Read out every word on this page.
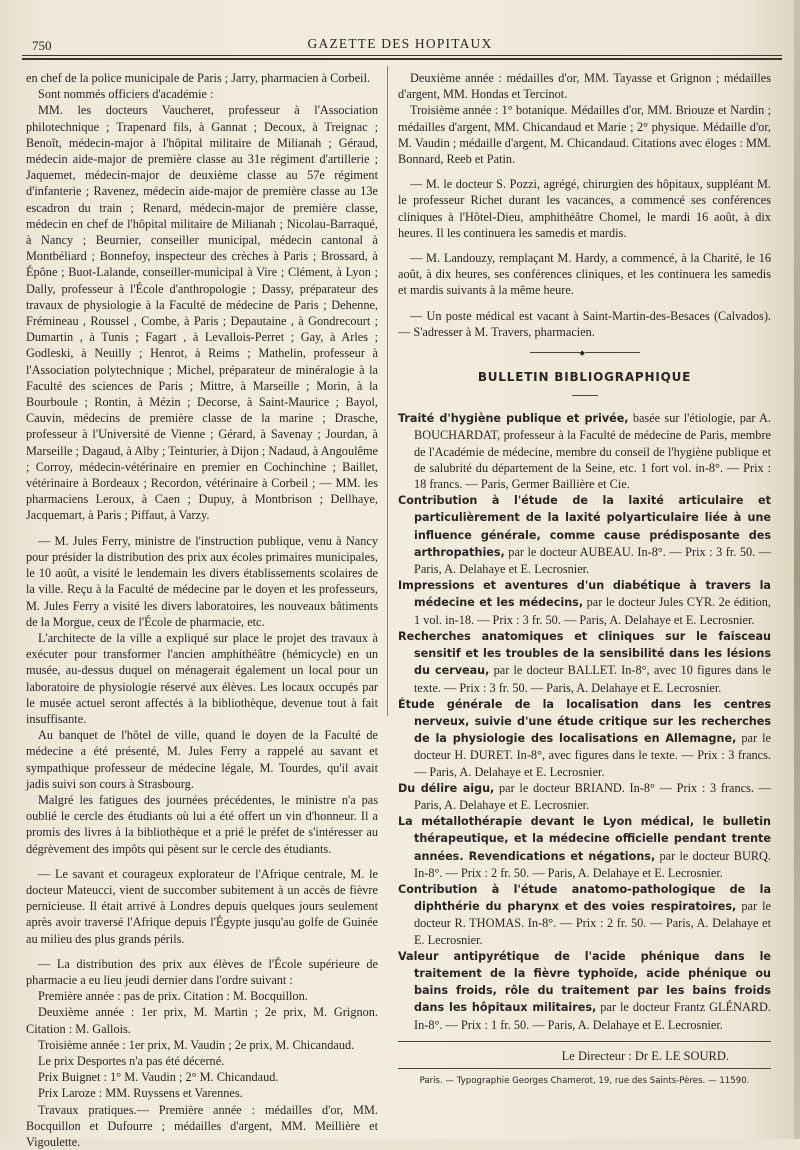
750	GAZETTE DES HOPITAUX

en chef de la police municipale de Paris ; Jarry, pharmacien à Corbeil.

Sont nommés officiers d'académie :

MM. les docteurs Vaucheret, professeur à l'Association philotechnique ; Trapenard fils, à Gannat ; Decoux, à Treignac ; Benoît, médecin-major à l'hôpital militaire de Milianah ; Géraud, médecin aide-major de première classe au 31e régiment d'artillerie ; Jaquemet, médecin-major de deuxième classe au 57e régiment d'infanterie ; Ravenez, médecin aide-major de première classe au 13e escadron du train ; Renard, médecin-major de première classe, médecin en chef de l'hôpital militaire de Milianah ; Nicolau-Barraqué, à Nancy ; Beurnier, conseiller municipal, médecin cantonal à Montbéliard ; Bonnefoy, inspecteur des crèches à Paris ; Brossard, à Épône ; Buot-Lalande, conseiller-municipal à Vire ; Clément, à Lyon ; Dally, professeur à l'École d'anthropologie ; Dassy, préparateur des travaux de physiologie à la Faculté de médecine de Paris ; Dehenne, Frémineau , Roussel , Combe, à Paris ; Depautaine , à Gondrecourt ; Dumartin , à Tunis ; Fagart , à Levallois-Perret ; Gay, à Arles ; Godleski, à Neuilly ; Henrot, à Reims ; Mathelin, professeur à l'Association polytechnique ; Michel, préparateur de minéralogie à la Faculté des sciences de Paris ; Mittre, à Marseille ; Morin, à la Bourboule ; Rontin, à Mézin ; Decorse, à Saint-Maurice ; Bayol, Cauvin, médecins de première classe de la marine ; Drasche, professeur à l'Université de Vienne ; Gérard, à Savenay ; Jourdan, à Marseille ; Dagaud, à Alby ; Teinturier, à Dijon ; Nadaud, à Angoulême ; Corroy, médecin-vétérinaire en premier en Cochinchine ; Baillet, vétérinaire à Bordeaux ; Recordon, vétérinaire à Corbeil ; — MM. les pharmaciens Leroux, à Caen ; Dupuy, à Montbrison ; Dellhaye, Jacquemart, à Paris ; Piffaut, à Varzy.

— M. Jules Ferry, ministre de l'instruction publique, venu à Nancy pour présider la distribution des prix aux écoles primaires municipales, le 10 août, a visité le lendemain les divers établissements scolaires de la ville. Reçu à la Faculté de médecine par le doyen et les professeurs, M. Jules Ferry a visité les divers laboratoires, les nouveaux bâtiments de la Morgue, ceux de l'École de pharmacie, etc.

L'architecte de la ville a expliqué sur place le projet des travaux à exécuter pour transformer l'ancien amphithéâtre (hémicycle) en un musée, au-dessus duquel on ménagerait également un local pour un laboratoire de physiologie réservé aux élèves. Les locaux occupés par le musée actuel seront affectés à la bibliothèque, devenue tout à fait insuffisante.

Au banquet de l'hôtel de ville, quand le doyen de la Faculté de médecine a été présenté, M. Jules Ferry a rappelé au savant et sympathique professeur de médecine légale, M. Tourdes, qu'il avait jadis suivi son cours à Strasbourg.

Malgré les fatigues des journées précédentes, le ministre n'a pas oublié le cercle des étudiants où lui a été offert un vin d'honneur. Il a promis des livres à la bibliothèque et a prié le préfet de s'intéresser au dégrèvement des impôts qui pèsent sur le cercle des étudiants.

— Le savant et courageux explorateur de l'Afrique centrale, M. le docteur Mateucci, vient de succomber subitement à un accès de fièvre pernicieuse. Il était arrivé à Londres depuis quelques jours seulement après avoir traversé l'Afrique depuis l'Égypte jusqu'au golfe de Guinée au milieu des plus grands périls.

— La distribution des prix aux élèves de l'École supérieure de pharmacie a eu lieu jeudi dernier dans l'ordre suivant :

Première année : pas de prix. Citation : M. Bocquillon.

Deuxième année : 1er prix, M. Martin ; 2e prix, M. Grignon. Citation : M. Gallois.

Troisième année : 1er prix, M. Vaudin ; 2e prix, M. Chicandaud.

Le prix Desportes n'a pas été décerné.

Prix Buignet : 1° M. Vaudin ; 2° M. Chicandaud.

Prix Laroze : MM. Ruyssens et Varennes.

Travaux pratiques.— Première année : médailles d'or, MM. Bocquillon et Dufourre ; médailles d'argent, MM. Meillière et Vigoulette.

Deuxième année : médailles d'or, MM. Tayasse et Grignon ; médailles d'argent, MM. Hondas et Tercinot.

Troisième année : 1° botanique. Médailles d'or, MM. Briouze et Nardin ; médailles d'argent, MM. Chicandaud et Marie ; 2° physique. Médaille d'or, M. Vaudin ; médaille d'argent, M. Chicandaud. Citations avec éloges : MM. Bonnard, Reeb et Patin.

— M. le docteur S. Pozzi, agrégé, chirurgien des hôpitaux, suppléant M. le professeur Richet durant les vacances, a commencé ses conférences cliniques à l'Hôtel-Dieu, amphithéâtre Chomel, le mardi 16 août, à dix heures. Il les continuera les samedis et mardis.

— M. Landouzy, remplaçant M. Hardy, a commencé, à la Charité, le 16 août, à dix heures, ses conférences cliniques, et les continuera les samedis et mardis suivants à la même heure.

— Un poste médical est vacant à Saint-Martin-des-Besaces (Calvados). — S'adresser à M. Travers, pharmacien.

◆
BULLETIN BIBLIOGRAPHIQUE

Traité d'hygiène publique et privée, basée sur l'étiologie, par A. BOUCHARDAT, professeur à la Faculté de médecine de Paris, membre de l'Académie de médecine, membre du conseil de l'hygiène publique et de salubrité du département de la Seine, etc. 1 fort vol. in-8°. — Prix : 18 francs. — Paris, Germer Baillière et Cie.

Contribution à l'étude de la laxité articulaire et particulièrement de la laxité polyarticulaire liée à une influence générale, comme cause prédisposante des arthropathies, par le docteur AUBEAU. In-8°. — Prix : 3 fr. 50. — Paris, A. Delahaye et E. Lecrosnier.

Impressions et aventures d'un diabétique à travers la médecine et les médecins, par le docteur Jules CYR. 2e édition, 1 vol. in-18. — Prix : 3 fr. 50. — Paris, A. Delahaye et E. Lecrosnier.

Recherches anatomiques et cliniques sur le faisceau sensitif et les troubles de la sensibilité dans les lésions du cerveau, par le docteur BALLET. In-8°, avec 10 figures dans le texte. — Prix : 3 fr. 50. — Paris, A. Delahaye et E. Lecrosnier.

Étude générale de la localisation dans les centres nerveux, suivie d'une étude critique sur les recherches de la physiologie des localisations en Allemagne, par le docteur H. DURET. In-8°, avec figures dans le texte. — Prix : 3 francs. — Paris, A. Delahaye et E. Lecrosnier.

Du délire aigu, par le docteur BRIAND. In-8° — Prix : 3 francs. — Paris, A. Delahaye et E. Lecrosnier.

La métallothérapie devant le Lyon médical, le bulletin thérapeutique, et la médecine officielle pendant trente années. Revendications et négations, par le docteur BURQ. In-8°. — Prix : 2 fr. 50. — Paris, A. Delahaye et E. Lecrosnier.

Contribution à l'étude anatomo-pathologique de la diphthérie du pharynx et des voies respiratoires, par le docteur R. THOMAS. In-8°. — Prix : 2 fr. 50. — Paris, A. Delahaye et E. Lecrosnier.

Valeur antipyrétique de l'acide phénique dans le traitement de la fièvre typhoïde, acide phénique ou bains froids, rôle du traitement par les bains froids dans les hôpitaux militaires, par le docteur Frantz GLÉNARD. In-8°. — Prix : 1 fr. 50. — Paris, A. Delahaye et E. Lecrosnier.

Le Directeur : Dr E. LE SOURD.
Paris. — Typographie Georges Chamerot, 19, rue des Saints-Pères. — 11590.
